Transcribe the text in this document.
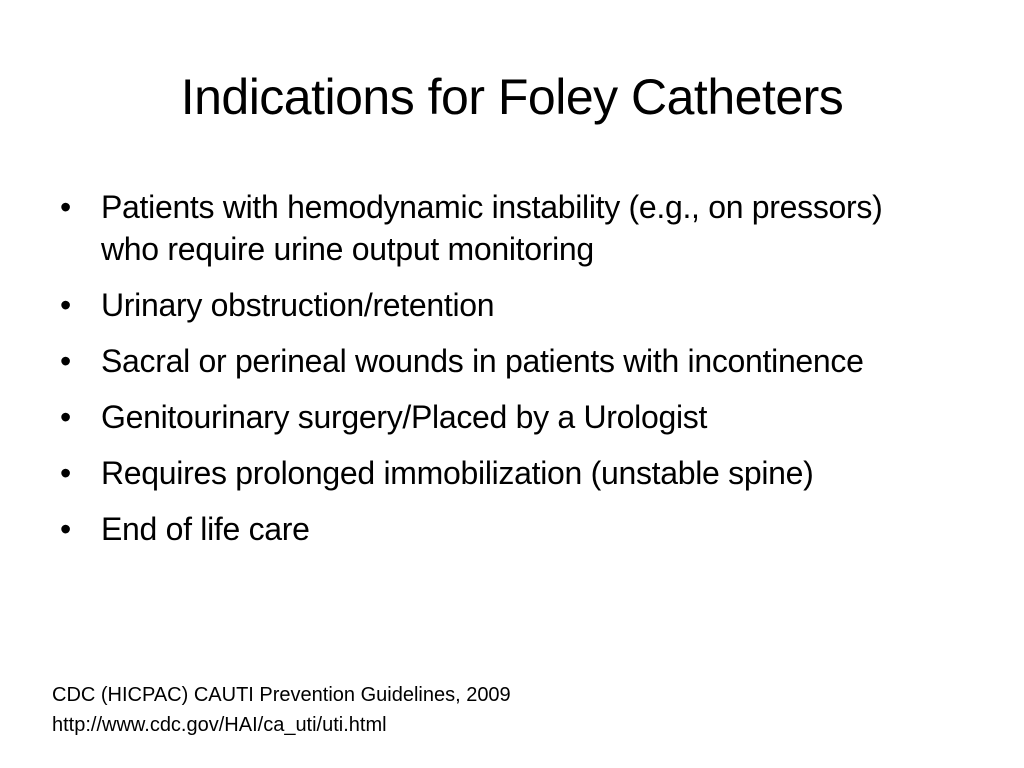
Indications for Foley Catheters
• Patients with hemodynamic instability (e.g., on pressors) who require urine output monitoring
• Urinary obstruction/retention
• Sacral or perineal wounds in patients with incontinence
• Genitourinary surgery/Placed by a Urologist
• Requires prolonged immobilization (unstable spine)
• End of life care
CDC (HICPAC) CAUTI Prevention Guidelines, 2009
http://www.cdc.gov/HAI/ca_uti/uti.html
